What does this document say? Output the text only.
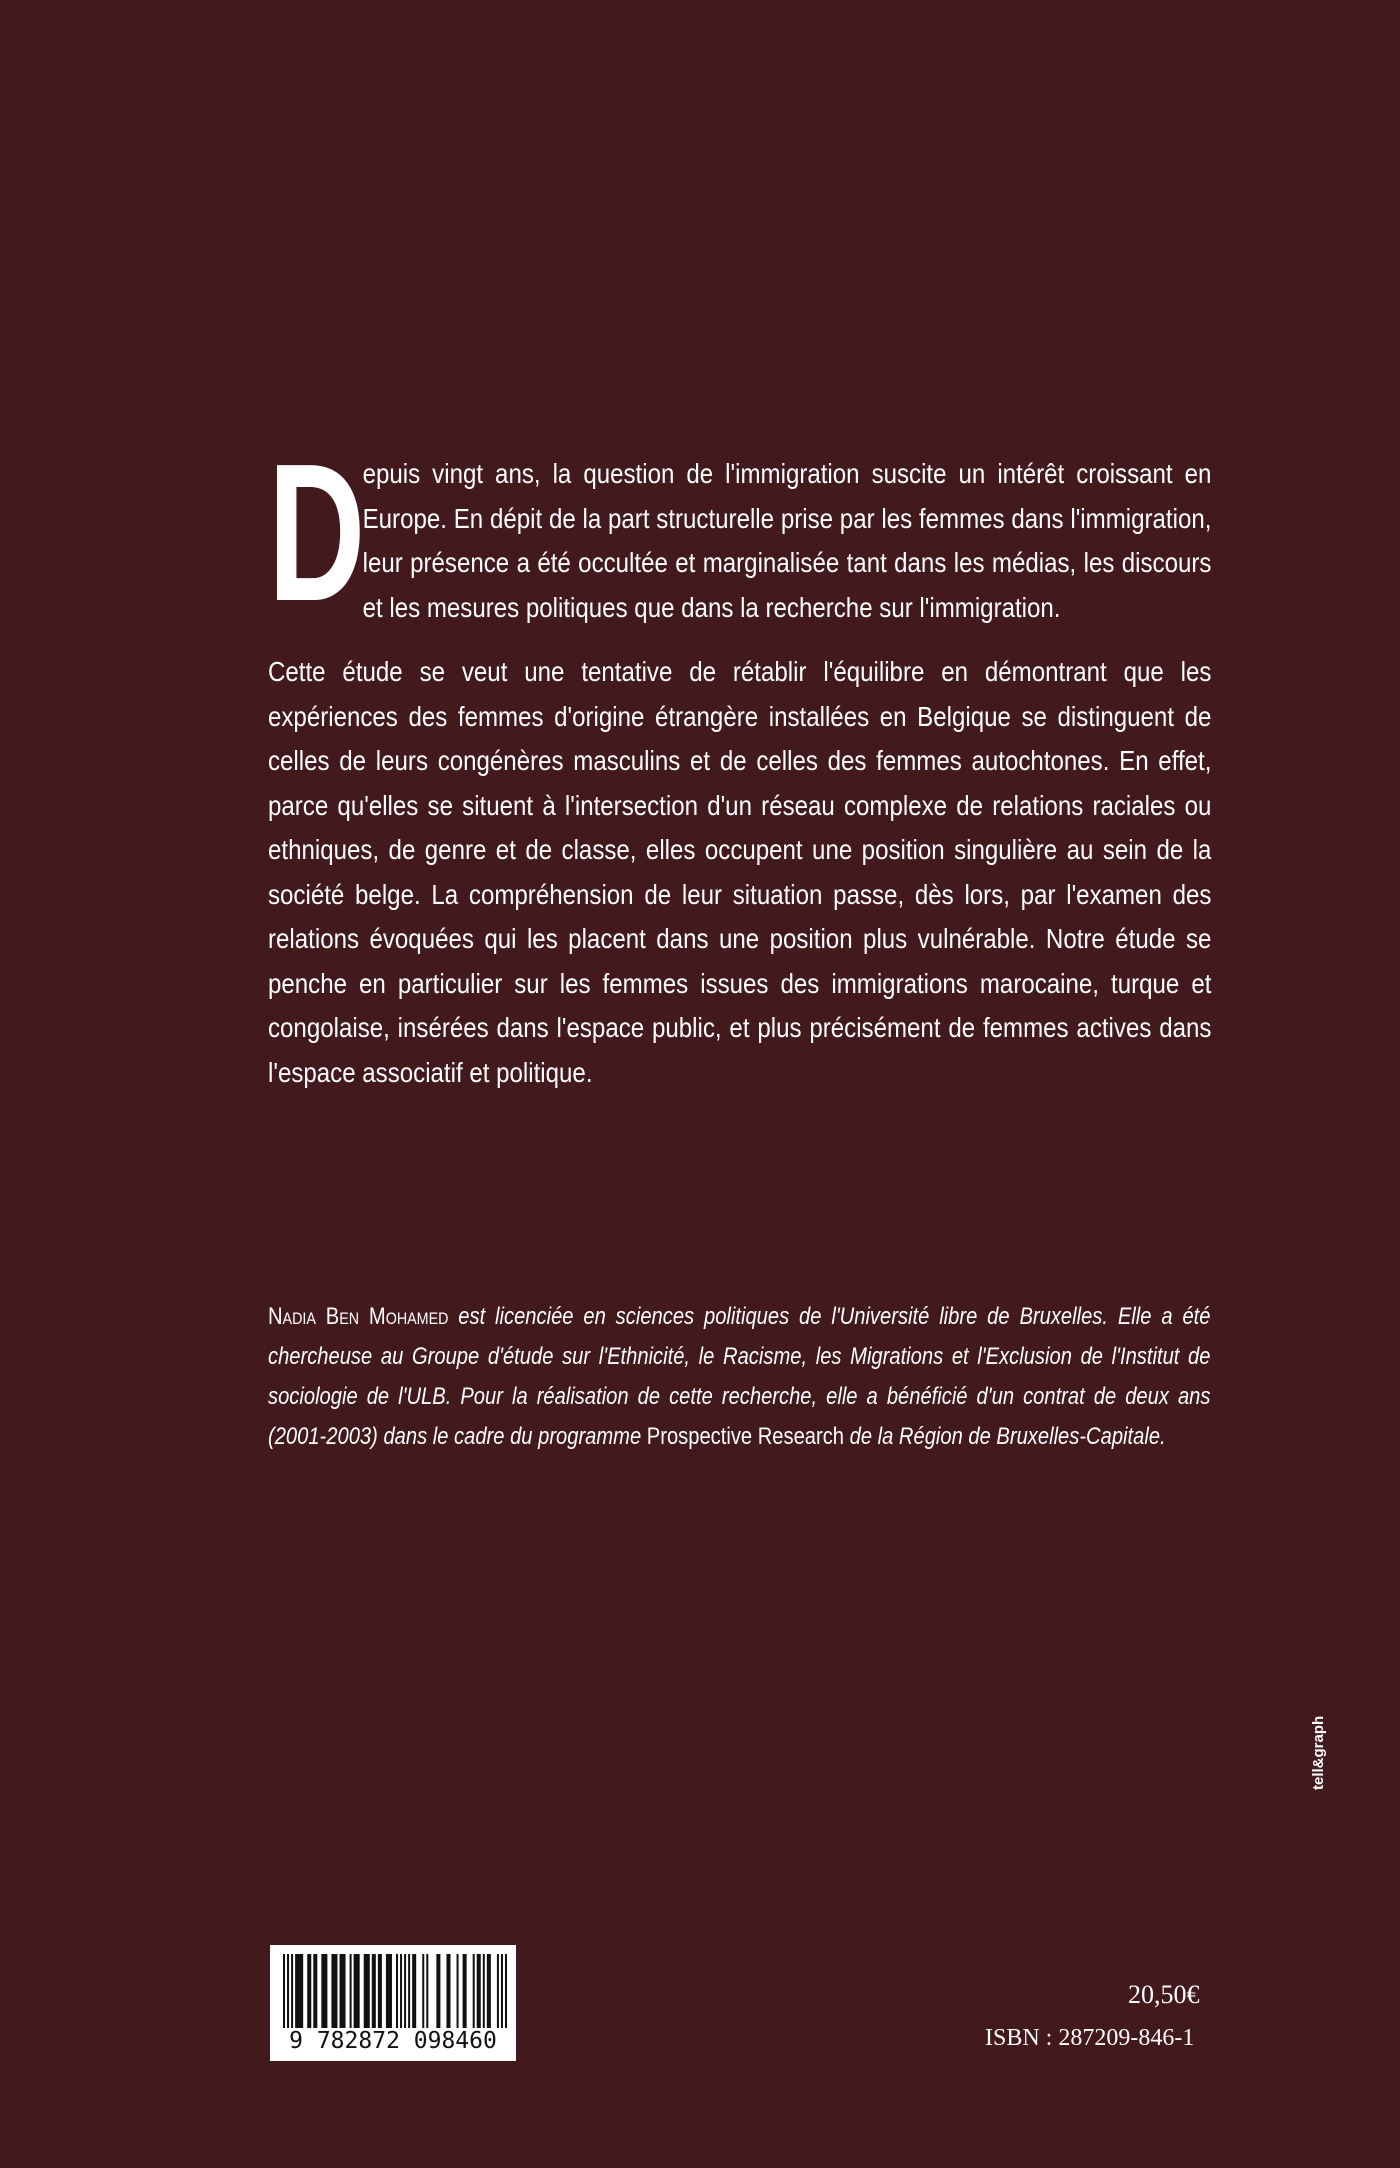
D
epuis vingt ans, la question de l'immigration suscite un intérêt croissant en Europe. En dépit de la part structurelle prise par les femmes dans l'immigration, leur présence a été occultée et marginalisée tant dans les médias, les discours et les mesures politiques que dans la recherche sur l'immigration.

Cette étude se veut une tentative de rétablir l'équilibre en démontrant que les expériences des femmes d'origine étrangère installées en Belgique se distinguent de celles de leurs congénères masculins et de celles des femmes autochtones. En effet, parce qu'elles se situent à l'intersection d'un réseau complexe de relations raciales ou ethniques, de genre et de classe, elles occupent une position singulière au sein de la société belge. La compréhension de leur situation passe, dès lors, par l'examen des relations évoquées qui les placent dans une position plus vulnérable. Notre étude se penche en particulier sur les femmes issues des immigrations marocaine, turque et congolaise, insérées dans l'espace public, et plus précisément de femmes actives dans l'espace associatif et politique.

Nadia Ben Mohamed est licenciée en sciences politiques de l'Université libre de Bruxelles. Elle a été chercheuse au Groupe d'étude sur l'Ethnicité, le Racisme, les Migrations et l'Exclusion de l'Institut de sociologie de l'ULB. Pour la réalisation de cette recherche, elle a bénéficié d'un contrat de deux ans (2001-2003) dans le cadre du programme Prospective Research de la Région de Bruxelles-Capitale.
tell&graph
9 782872 098460
20,50€
ISBN : 287209-846-1
